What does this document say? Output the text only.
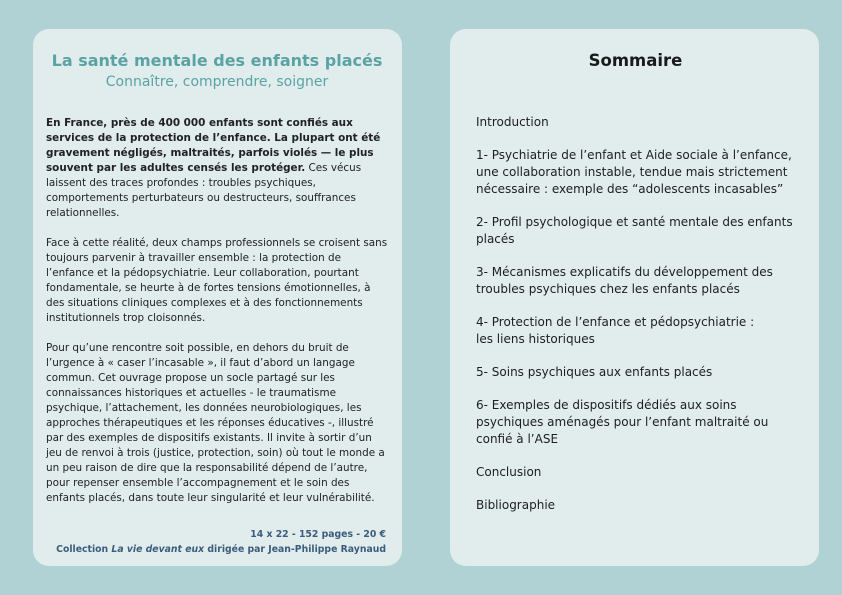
La santé mentale des enfants placés

Connaître, comprendre, soigner

En France, près de 400 000 enfants sont confiés aux services de la protection de l’enfance. La plupart ont été gravement négligés, maltraités, parfois violés — le plus souvent par les adultes censés les protéger. Ces vécus laissent des traces profondes : troubles psychiques, comportements perturbateurs ou destructeurs, souffrances relationnelles.

Face à cette réalité, deux champs professionnels se croisent sans toujours parvenir à travailler ensemble : la protection de l’enfance et la pédopsychiatrie. Leur collaboration, pourtant fondamentale, se heurte à de fortes tensions émotionnelles, à des situations cliniques complexes et à des fonctionnements institutionnels trop cloisonnés.

Pour qu’une rencontre soit possible, en dehors du bruit de l’urgence à « caser l’incasable », il faut d’abord un langage commun. Cet ouvrage propose un socle partagé sur les connaissances historiques et actuelles - le traumatisme psychique, l’attachement, les données neurobiologiques, les approches thérapeutiques et les réponses éducatives -, illustré par des exemples de dispositifs existants. Il invite à sortir d’un jeu de renvoi à trois (justice, protection, soin) où tout le monde a un peu raison de dire que la responsabilité dépend de l’autre, pour repenser ensemble l’accompagnement et le soin des enfants placés, dans toute leur singularité et leur vulnérabilité.

14 x 22 - 152 pages - 20 €
Collection La vie devant eux dirigée par Jean-Philippe Raynaud
Sommaire
Introduction
1- Psychiatrie de l’enfant et Aide sociale à l’enfance, une collaboration instable, tendue mais strictement nécessaire : exemple des “adolescents incasables”
2- Profil psychologique et santé mentale des enfants placés
3- Mécanismes explicatifs du développement des troubles psychiques chez les enfants placés
4- Protection de l’enfance et pédopsychiatrie :
les liens historiques
5- Soins psychiques aux enfants placés
6- Exemples de dispositifs dédiés aux soins psychiques aménagés pour l’enfant maltraité ou confié à l’ASE
Conclusion
Bibliographie
